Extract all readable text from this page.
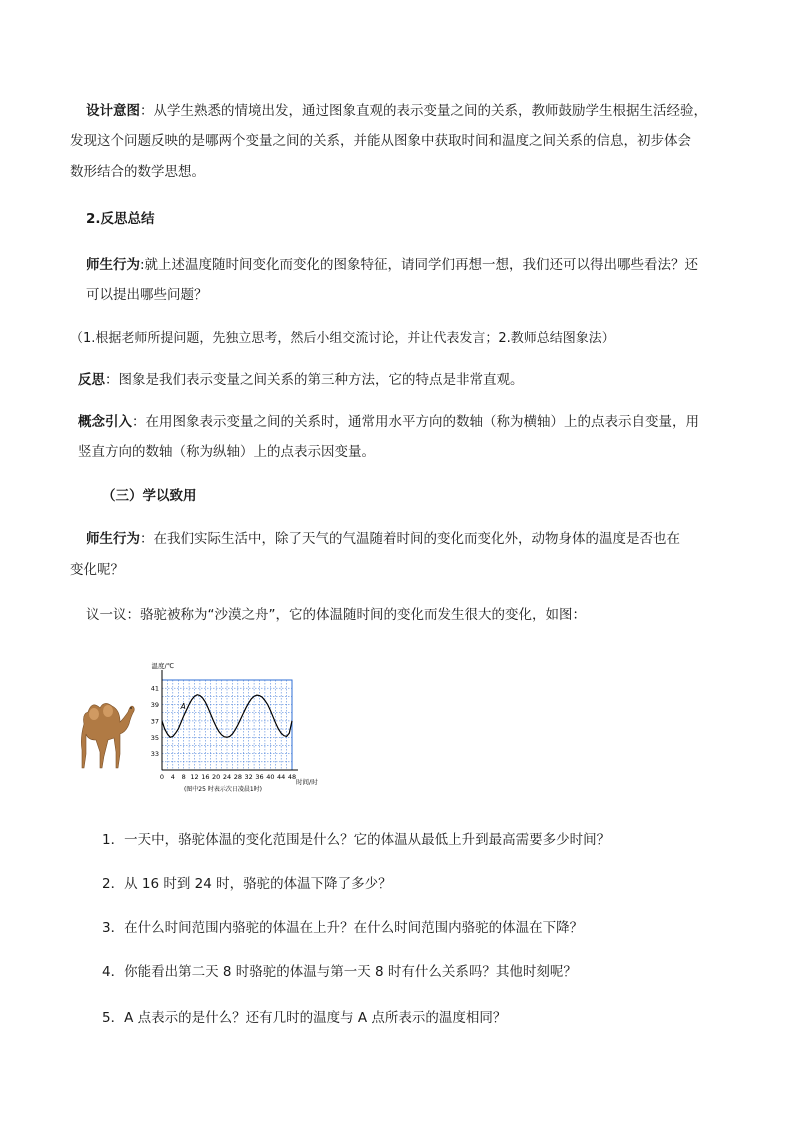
设计意图：从学生熟悉的情境出发，通过图象直观的表示变量之间的关系，教师鼓励学生根据生活经验，
发现这个问题反映的是哪两个变量之间的关系，并能从图象中获取时间和温度之间关系的信息，初步体会
数形结合的数学思想。
2.反思总结
师生行为:就上述温度随时间变化而变化的图象特征，请同学们再想一想，我们还可以得出哪些看法？还
可以提出哪些问题？
（1.根据老师所提问题，先独立思考，然后小组交流讨论，并让代表发言；2.教师总结图象法）
反思：图象是我们表示变量之间关系的第三种方法，它的特点是非常直观。
概念引入：在用图象表示变量之间的关系时，通常用水平方向的数轴（称为横轴）上的点表示自变量，用
竖直方向的数轴（称为纵轴）上的点表示因变量。
（三）学以致用
师生行为：在我们实际生活中，除了天气的气温随着时间的变化而变化外，动物身体的温度是否也在
变化呢？
议一议：骆驼被称为“沙漠之舟”，它的体温随时间的变化而发生很大的变化，如图：
0 4 8 12 16 20 24 28 32 36 40 44 48
33
35
37
39
41
温度/℃
时间/时
(图中25 时表示次日凌晨1时)
A
1．一天中，骆驼体温的变化范围是什么？它的体温从最低上升到最高需要多少时间？
2．从 16 时到 24 时，骆驼的体温下降了多少？
3．在什么时间范围内骆驼的体温在上升？在什么时间范围内骆驼的体温在下降？
4．你能看出第二天 8 时骆驼的体温与第一天 8 时有什么关系吗？其他时刻呢？
5．A 点表示的是什么？还有几时的温度与 A 点所表示的温度相同？
